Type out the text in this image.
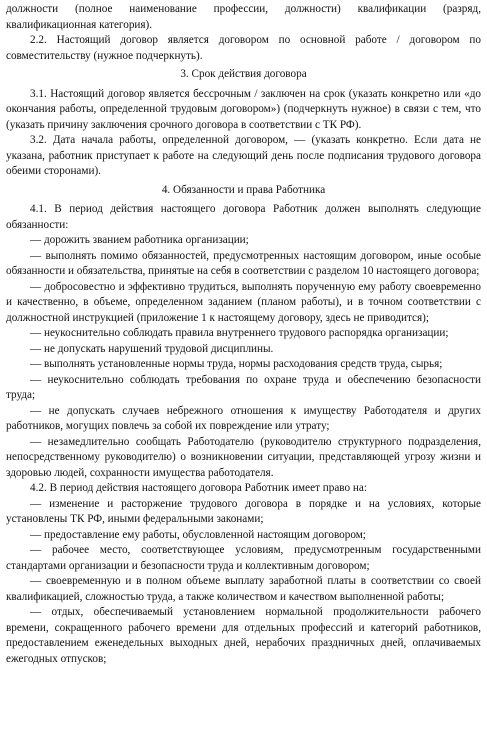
должности (полное наименование профессии, должности) квалификации (разряд, квалификационная категория).

2.2. Настоящий договор является договором по основной работе / договором по совместительству (нужное подчеркнуть).

3. Срок действия договора

3.1. Настоящий договор является бессрочным / заключен на срок (указать конкретно или «до окончания работы, определенной трудовым договором») (подчеркнуть нужное) в связи с тем, что (указать причину заключения срочного договора в соответствии с ТК РФ).

3.2. Дата начала работы, определенной договором, — (указать конкретно. Если дата не указана, работник приступает к работе на следующий день после подписания трудового договора обеими сторонами).

4. Обязанности и права Работника

4.1. В период действия настоящего договора Работник должен выполнять следующие обязанности:

— дорожить званием работника организации;

— выполнять помимо обязанностей, предусмотренных настоящим договором, иные особые обязанности и обязательства, принятые на себя в соответствии с разделом 10 настоящего договора;

— добросовестно и эффективно трудиться, выполнять порученную ему работу своевременно и качественно, в объеме, определенном заданием (планом работы), и в точном соответствии с должностной инструкцией (приложение 1 к настоящему договору, здесь не приводится);

— неукоснительно соблюдать правила внутреннего трудового распорядка организации;

— не допускать нарушений трудовой дисциплины.

— выполнять установленные нормы труда, нормы расходования средств труда, сырья;

— неукоснительно соблюдать требования по охране труда и обеспечению безопасности труда;

— не допускать случаев небрежного отношения к имуществу Работодателя и других работников, могущих повлечь за собой их повреждение или утрату;

— незамедлительно сообщать Работодателю (руководителю структурного подразделения, непосредственному руководителю) о возникновении ситуации, представляющей угрозу жизни и здоровью людей, сохранности имущества работодателя.

4.2. В период действия настоящего договора Работник имеет право на:

— изменение и расторжение трудового договора в порядке и на условиях, которые установлены ТК РФ, иными федеральными законами;

— предоставление ему работы, обусловленной настоящим договором;

— рабочее место, соответствующее условиям, предусмотренным государственными стандартами организации и безопасности труда и коллективным договором;

— своевременную и в полном объеме выплату заработной платы в соответствии со своей квалификацией, сложностью труда, а также количеством и качеством выполненной работы;

— отдых, обеспечиваемый установлением нормальной продолжительности рабочего времени, сокращенного рабочего времени для отдельных профессий и категорий работников, предоставлением еженедельных выходных дней, нерабочих праздничных дней, оплачиваемых ежегодных отпусков;
